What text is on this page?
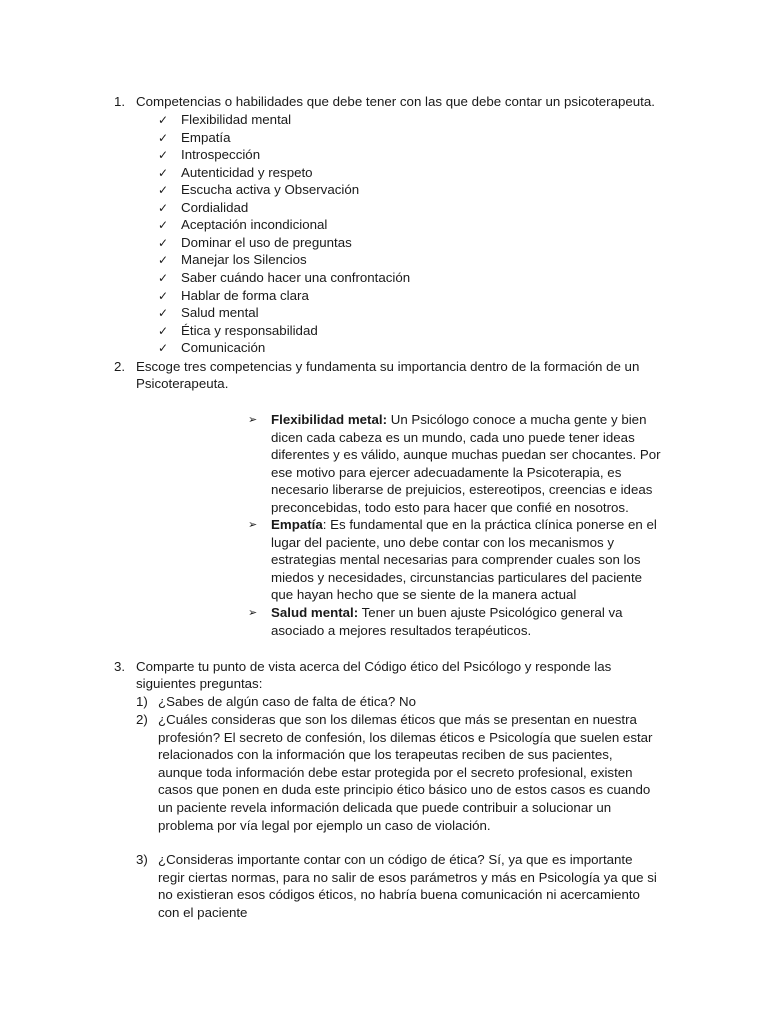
1. Competencias o habilidades que debe tener con las que debe contar un psicoterapeuta.
✓ Flexibilidad mental
✓ Empatía
✓ Introspección
✓ Autenticidad y respeto
✓ Escucha activa y Observación
✓ Cordialidad
✓ Aceptación incondicional
✓ Dominar el uso de preguntas
✓ Manejar los Silencios
✓ Saber cuándo hacer una confrontación
✓ Hablar de forma clara
✓ Salud mental
✓ Ética y responsabilidad
✓ Comunicación
2. Escoge tres competencias y fundamenta su importancia dentro de la formación de un
Psicoterapeuta.
➢ Flexibilidad metal: Un Psicólogo conoce a mucha gente y bien
dicen cada cabeza es un mundo, cada uno puede tener ideas
diferentes y es válido, aunque muchas puedan ser chocantes. Por
ese motivo para ejercer adecuadamente la Psicoterapia, es
necesario liberarse de prejuicios, estereotipos, creencias e ideas
preconcebidas, todo esto para hacer que confié en nosotros.
➢ Empatía: Es fundamental que en la práctica clínica ponerse en el
lugar del paciente, uno debe contar con los mecanismos y
estrategias mental necesarias para comprender cuales son los
miedos y necesidades, circunstancias particulares del paciente
que hayan hecho que se siente de la manera actual
➢ Salud mental: Tener un buen ajuste Psicológico general va
asociado a mejores resultados terapéuticos.
3. Comparte tu punto de vista acerca del Código ético del Psicólogo y responde las
siguientes preguntas:
1) ¿Sabes de algún caso de falta de ética? No
2) ¿Cuáles consideras que son los dilemas éticos que más se presentan en nuestra
profesión? El secreto de confesión, los dilemas éticos e Psicología que suelen estar
relacionados con la información que los terapeutas reciben de sus pacientes,
aunque toda información debe estar protegida por el secreto profesional, existen
casos que ponen en duda este principio ético básico uno de estos casos es cuando
un paciente revela información delicada que puede contribuir a solucionar un
problema por vía legal por ejemplo un caso de violación.
3) ¿Consideras importante contar con un código de ética? Sí, ya que es importante
regir ciertas normas, para no salir de esos parámetros y más en Psicología ya que si
no existieran esos códigos éticos, no habría buena comunicación ni acercamiento
con el paciente
